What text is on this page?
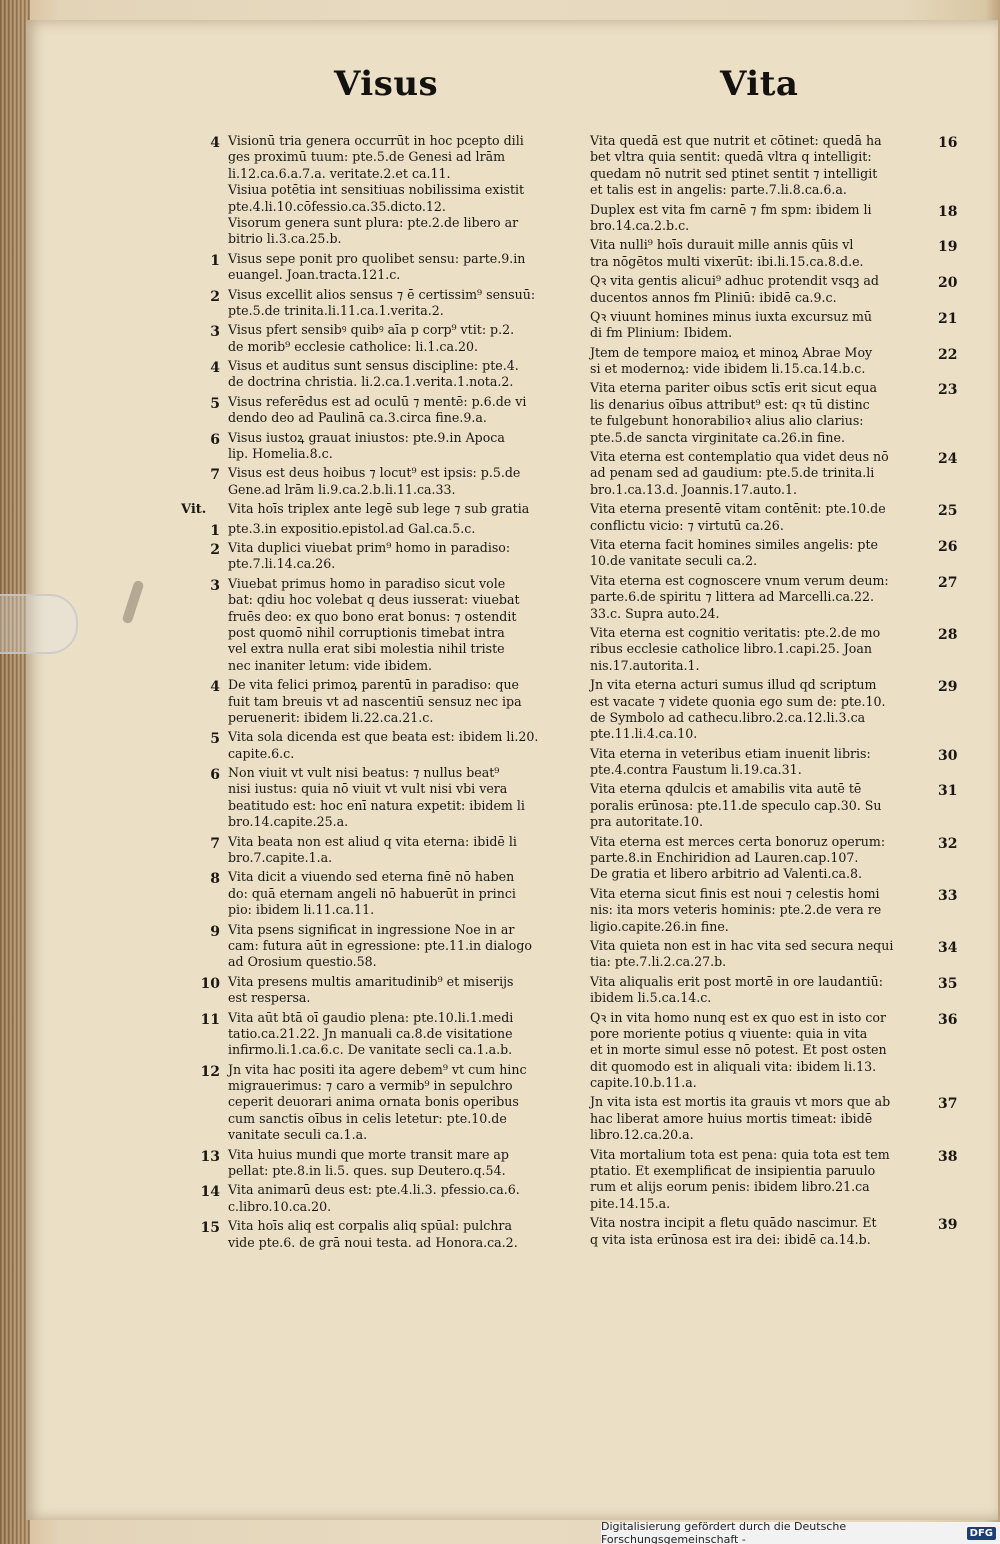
Visus	Vita
4 Visionū tria genera occurrūt in hoc pcepto dili
ges proximū tuum: pte.5.de Genesi ad lrām
li.12.ca.6.a.7.a. veritate.2.et ca.11.
Visiua potētia int sensitiuas nobilissima existit
pte.4.li.10.cōfessio.ca.35.dicto.12.
Visorum genera sunt plura: pte.2.de libero ar
bitrio li.3.ca.25.b.
1 Visus sepe ponit pro quolibet sensu: parte.9.in
euangel. Joan.tracta.121.c.
2 Visus excellit alios sensus ⁊ ē certissim⁹ sensuū:
pte.5.de trinita.li.11.ca.1.verita.2.
3 Visus pfert sensibꝰ quibꝰ aīa p corp⁹ vtit: p.2.
de morib⁹ ecclesie catholice: li.1.ca.20.
4 Visus et auditus sunt sensus discipline: pte.4.
de doctrina christia. li.2.ca.1.verita.1.nota.2.
5 Visus referēdus est ad oculū ⁊ mentē: p.6.de vi
dendo deo ad Paulinā ca.3.circa fine.9.a.
6 Visus iustoꝝ grauat iniustos: pte.9.in Apoca
lip. Homelia.8.c.
7 Visus est deus hoibus ⁊ locut⁹ est ipsis: p.5.de
Gene.ad lrām li.9.ca.2.b.li.11.ca.33.
Vit.	Vita hoīs triplex ante legē sub lege ⁊ sub gratia
1 pte.3.in expositio.epistol.ad Gal.ca.5.c.
2 Vita duplici viuebat prim⁹ homo in paradiso:
pte.7.li.14.ca.26.
3 Viuebat primus homo in paradiso sicut vole
bat: qdiu hoc volebat q deus iusserat: viuebat
fruēs deo: ex quo bono erat bonus: ⁊ ostendit
post quomō nihil corruptionis timebat intra
vel extra nulla erat sibi molestia nihil triste
nec inaniter letum: vide ibidem.
4 De vita felici primoꝝ parentū in paradiso: que
fuit tam breuis vt ad nascentiū sensuz nec ipa
peruenerit: ibidem li.22.ca.21.c.
5 Vita sola dicenda est que beata est: ibidem li.20.
capite.6.c.
6 Non viuit vt vult nisi beatus: ⁊ nullus beat⁹
nisi iustus: quia nō viuit vt vult nisi vbi vera
beatitudo est: hoc enī natura expetit: ibidem li
bro.14.capite.25.a.
7 Vita beata non est aliud q vita eterna: ibidē li
bro.7.capite.1.a.
8 Vita dicit a viuendo sed eterna finē nō haben
do: quā eternam angeli nō habuerūt in princi
pio: ibidem li.11.ca.11.
9 Vita psens significat in ingressione Noe in ar
cam: futura aūt in egressione: pte.11.in dialogo
ad Orosium questio.58.
10 Vita presens multis amaritudinib⁹ et miserijs
est respersa.
11 Vita aūt btā oī gaudio plena: pte.10.li.1.medi
tatio.ca.21.22. Jn manuali ca.8.de visitatione
infirmo.li.1.ca.6.c. De vanitate secli ca.1.a.b.
12 Jn vita hac positi ita agere debem⁹ vt cum hinc
migrauerimus: ⁊ caro a vermib⁹ in sepulchro
ceperit deuorari anima ornata bonis operibus
cum sanctis oībus in celis letetur: pte.10.de
vanitate seculi ca.1.a.
13 Vita huius mundi que morte transit mare ap
pellat: pte.8.in li.5. ques. sup Deutero.q.54.
14 Vita animarū deus est: pte.4.li.3. pfessio.ca.6.
c.libro.10.ca.20.
15 Vita hoīs aliq est corpalis aliq spūal: pulchra
vide pte.6. de grā noui testa. ad Honora.ca.2.
16
Vita quedā est que nutrit et cōtinet: quedā ha
bet vltra quia sentit: quedā vltra q intelligit:
quedam nō nutrit sed ptinet sentit ⁊ intelligit
et talis est in angelis: parte.7.li.8.ca.6.a.
18
Duplex est vita fm carnē ⁊ fm spm: ibidem li
bro.14.ca.2.b.c.
19
Vita nulli⁹ hoīs durauit mille annis qūis vl
tra nōgētos multi vixerūt: ibi.li.15.ca.8.d.e.
20
Qꝛ vita gentis alicui⁹ adhuc protendit vsqꝫ ad
ducentos annos fm Pliniū: ibidē ca.9.c.
21
Qꝛ viuunt homines minus iuxta excursuz mū
di fm Plinium: Ibidem.
22
Jtem de tempore maioꝝ et minoꝝ Abrae Moy
si et modernoꝝ: vide ibidem li.15.ca.14.b.c.
23
Vita eterna pariter oibus sctīs erit sicut equa
lis denarius oībus attribut⁹ est: qꝛ tū distinc
te fulgebunt honorabilioꝛ alius alio clarius:
pte.5.de sancta virginitate ca.26.in fine.
24
Vita eterna est contemplatio qua videt deus nō
ad penam sed ad gaudium: pte.5.de trinita.li
bro.1.ca.13.d. Joannis.17.auto.1.
25
Vita eterna presentē vitam contēnit: pte.10.de
conflictu vicio: ⁊ virtutū ca.26.
26
Vita eterna facit homines similes angelis: pte
10.de vanitate seculi ca.2.
27
Vita eterna est cognoscere vnum verum deum:
parte.6.de spiritu ⁊ littera ad Marcelli.ca.22.
33.c. Supra auto.24.
28
Vita eterna est cognitio veritatis: pte.2.de mo
ribus ecclesie catholice libro.1.capi.25. Joan
nis.17.autorita.1.
29
Jn vita eterna acturi sumus illud qd scriptum
est vacate ⁊ videte quonia ego sum de: pte.10.
de Symbolo ad cathecu.libro.2.ca.12.li.3.ca
pte.11.li.4.ca.10.
30
Vita eterna in veteribus etiam inuenit libris:
pte.4.contra Faustum li.19.ca.31.
31
Vita eterna qdulcis et amabilis vita autē tē
poralis erūnosa: pte.11.de speculo cap.30. Su
pra autoritate.10.
32
Vita eterna est merces certa bonoruz operum:
parte.8.in Enchiridion ad Lauren.cap.107.
De gratia et libero arbitrio ad Valenti.ca.8.
33
Vita eterna sicut finis est noui ⁊ celestis homi
nis: ita mors veteris hominis: pte.2.de vera re
ligio.capite.26.in fine.
34
Vita quieta non est in hac vita sed secura nequi
tia: pte.7.li.2.ca.27.b.
35
Vita aliqualis erit post mortē in ore laudantiū:
ibidem li.5.ca.14.c.
36
Qꝛ in vita homo nunq est ex quo est in isto cor
pore moriente potius q viuente: quia in vita
et in morte simul esse nō potest. Et post osten
dit quomodo est in aliquali vita: ibidem li.13.
capite.10.b.11.a.
37
Jn vita ista est mortis ita grauis vt mors que ab
hac liberat amore huius mortis timeat: ibidē
libro.12.ca.20.a.
38
Vita mortalium tota est pena: quia tota est tem
ptatio. Et exemplificat de insipientia paruulo
rum et alijs eorum penis: ibidem libro.21.ca
pite.14.15.a.
39
Vita nostra incipit a fletu quādo nascimur. Et
q vita ista erūnosa est ira dei: ibidē ca.14.b.
Digitalisierung gefördert durch die Deutsche Forschungsgemeinschaft -	DFG
